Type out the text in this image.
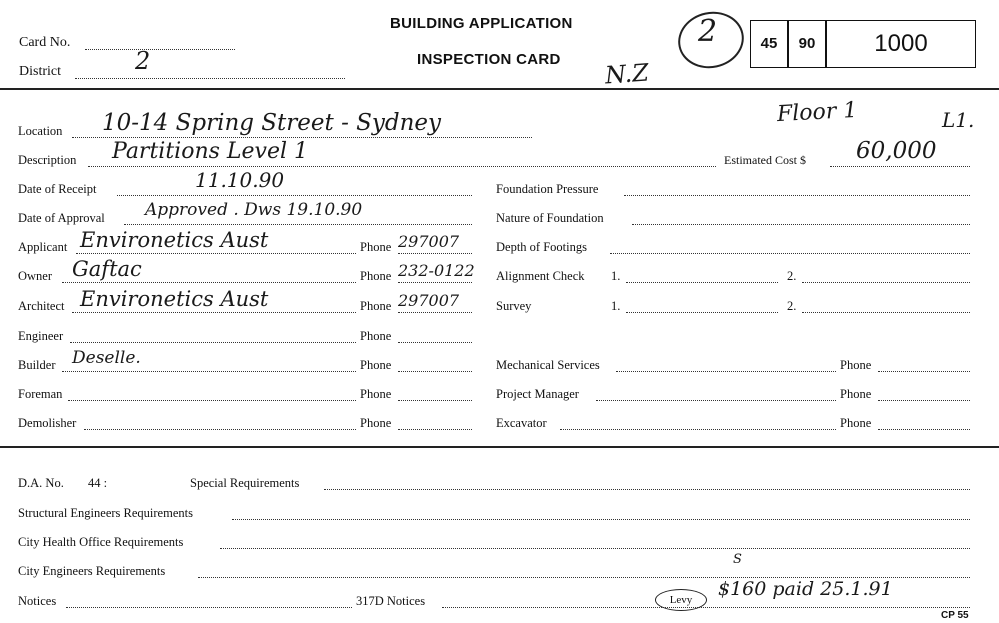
Card No.
District	2
BUILDING APPLICATION
INSPECTION CARD N.Z
2	45	90	1000
Location 10-14 Spring Street - Sydney	Floor 1	L1.
Description Partitions Level 1	Estimated Cost $ 60,000
Date of Receipt	11.10.90
Date of Approval Approved . Dws 19.10.90
Applicant Environetics Aust	Phone 297007
Owner Gaftac	Phone 232-0122
Architect Environetics Aust	Phone 297007
Engineer	Phone
Builder Deselle.	Phone
Foreman	Phone
Demolisher	Phone
Foundation Pressure
Nature of Foundation
Depth of Footings
Alignment Check 1.	2.
Survey	1.	2.
Mechanical Services	Phone
Project Manager	Phone
Excavator	Phone
D.A. No. 44 :	Special Requirements
Structural Engineers Requirements
City Health Office Requirements
City Engineers Requirements
S
Notices	317D Notices	Levy	$160 paid 25.1.91
CP 55
